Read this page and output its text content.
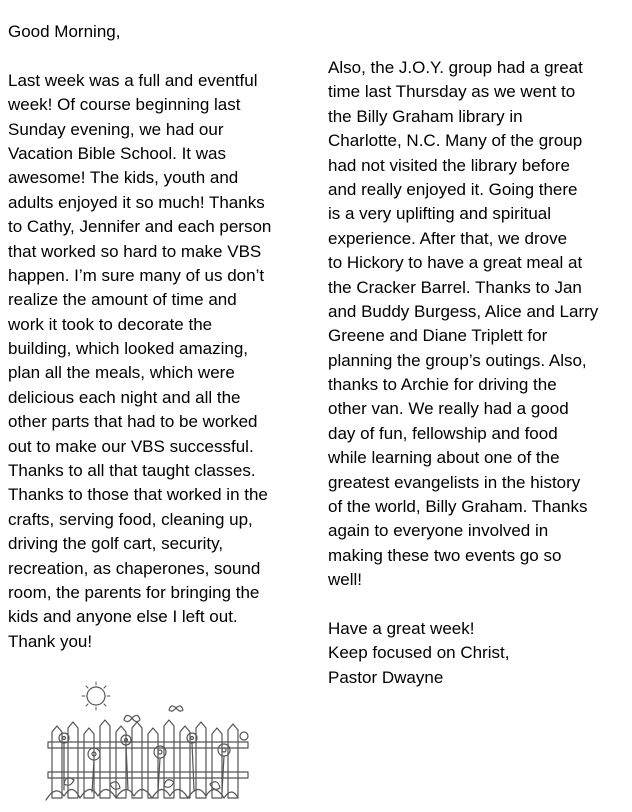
Good Morning,
Last week was a full and eventful
week! Of course beginning last
Sunday evening, we had our
Vacation Bible School. It was
awesome! The kids, youth and
adults enjoyed it so much! Thanks
to Cathy, Jennifer and each person
that worked so hard to make VBS
happen. I’m sure many of us don’t
realize the amount of time and
work it took to decorate the
building, which looked amazing,
plan all the meals, which were
delicious each night and all the
other parts that had to be worked
out to make our VBS successful.
Thanks to all that taught classes.
Thanks to those that worked in the
crafts, serving food, cleaning up,
driving the golf cart, security,
recreation, as chaperones, sound
room, the parents for bringing the
kids and anyone else I left out.
Thank you!
Also, the J.O.Y. group had a great
time last Thursday as we went to
the Billy Graham library in
Charlotte, N.C. Many of the group
had not visited the library before
and really enjoyed it. Going there
is a very uplifting and spiritual
experience. After that, we drove
to Hickory to have a great meal at
the Cracker Barrel. Thanks to Jan
and Buddy Burgess, Alice and Larry
Greene and Diane Triplett for
planning the group’s outings. Also,
thanks to Archie for driving the
other van. We really had a good
day of fun, fellowship and food
while learning about one of the
greatest evangelists in the history
of the world, Billy Graham. Thanks
again to everyone involved in
making these two events go so
well!
Have a great week!
Keep focused on Christ,
Pastor Dwayne
